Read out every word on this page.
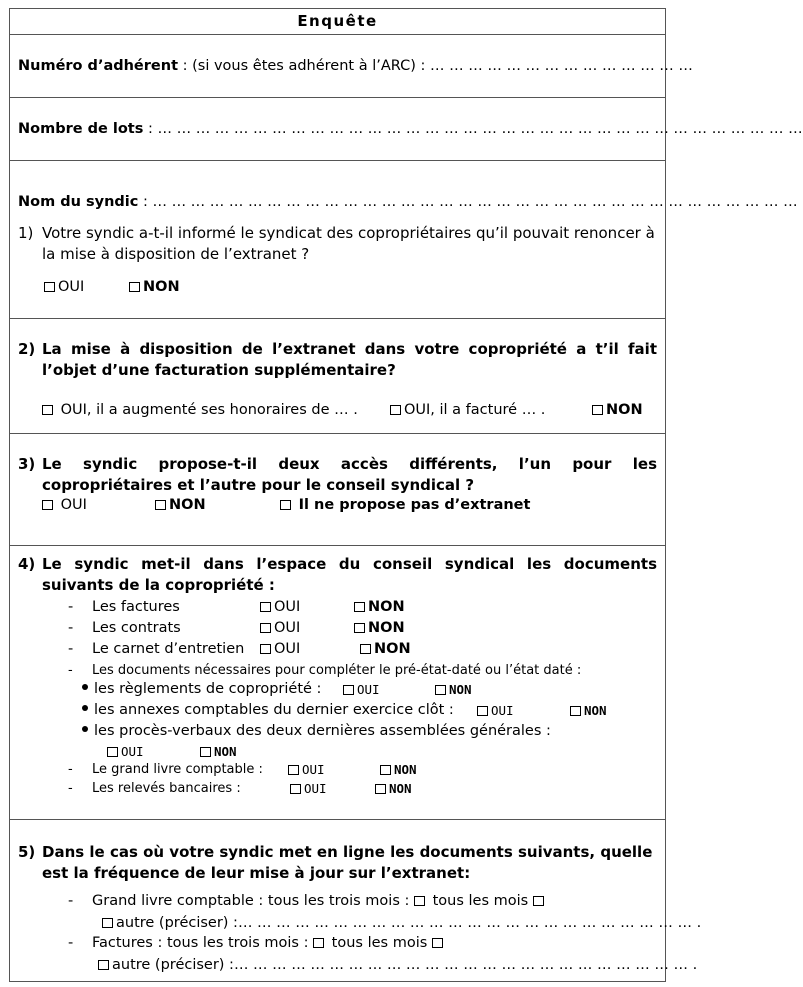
Enquête
Numéro d’adhérent : (si vous êtes adhérent à l’ARC) : … … … … … … … … … … … … … …
Nombre de lots : … … … … … … … … … … … … … … … … … … … … … … … … … … … … … … … … … …
Nom du syndic : … … … … … … … … … … … … … … … … … … … … … … … … … … … … … … … … … …
1) Votre syndic a-t-il informé le syndicat des copropriétaires qu’il pouvait renoncer à la mise à disposition de l’extranet ?
OUI	NON
2) La mise à disposition de l’extranet dans votre copropriété a t’il fait l’objet d’une facturation supplémentaire?
OUI, il a augmenté ses honoraires de … .	OUI, il a facturé … .	NON
3) Le syndic propose-t-il deux accès différents, l’un pour les copropriétaires et l’autre pour le conseil syndical ?
OUI	NON	Il ne propose pas d’extranet
4) Le syndic met-il dans l’espace du conseil syndical les documents suivants de la copropriété :
- Les factures	OUI	NON
- Les contrats	OUI	NON
- Le carnet d’entretien	OUI	NON
- Les documents nécessaires pour compléter le pré-état-daté ou l’état daté :
les règlements de copropriété :	OUI	NON
les annexes comptables du dernier exercice clôt :	OUI	NON
les procès-verbaux des deux dernières assemblées générales :
OUI	NON
- Le grand livre comptable :	OUI	NON
- Les relevés bancaires :	OUI	NON
5) Dans le cas où votre syndic met en ligne les documents suivants, quelle est la fréquence de leur mise à jour sur l’extranet:
- Grand livre comptable : tous les trois mois : tous les mois
autre (préciser) :… … … … … … … … … … … … … … … … … … … … … … … … .
- Factures : tous les trois mois : tous les mois
autre (préciser) :… … … … … … … … … … … … … … … … … … … … … … … … .
